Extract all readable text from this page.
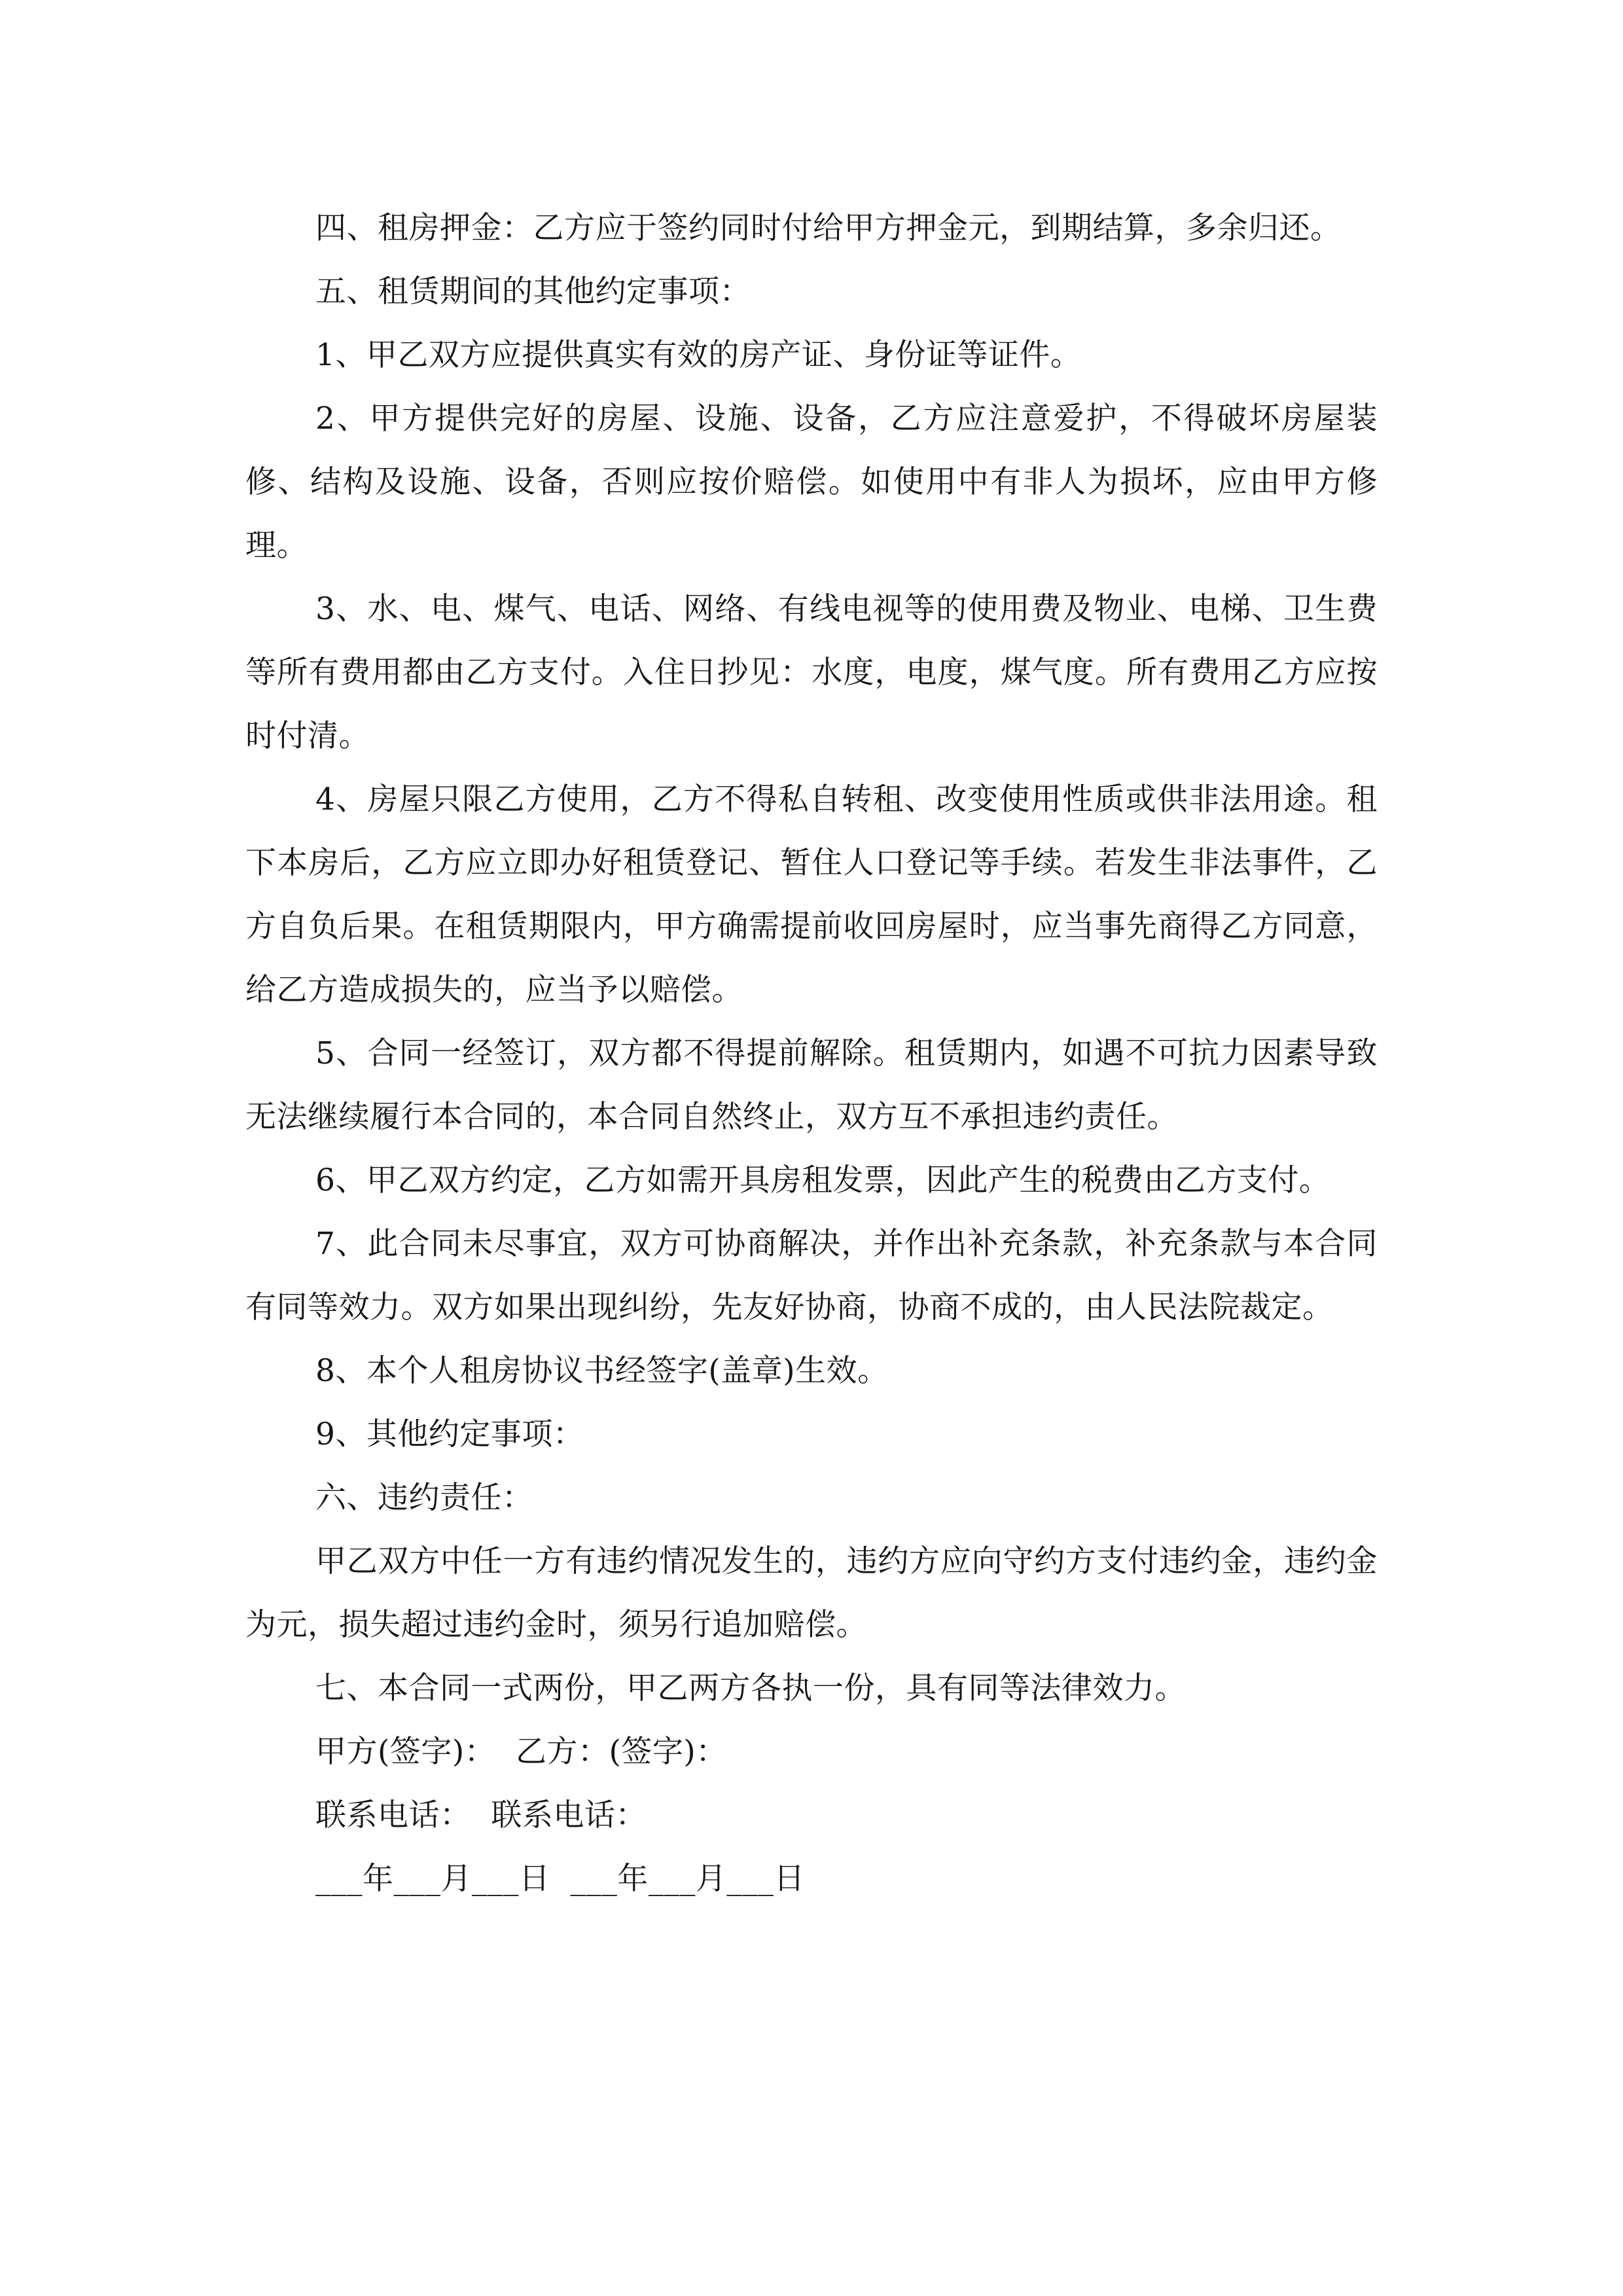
四、租房押金：乙方应于签约同时付给甲方押金元，到期结算，多余归还。

五、租赁期间的其他约定事项：

1、甲乙双方应提供真实有效的房产证、身份证等证件。

2、甲方提供完好的房屋、设施、设备，乙方应注意爱护，不得破坏房屋装修、结构及设施、设备，否则应按价赔偿。如使用中有非人为损坏，应由甲方修理。

3、水、电、煤气、电话、网络、有线电视等的使用费及物业、电梯、卫生费等所有费用都由乙方支付。入住日抄见：水度，电度，煤气度。所有费用乙方应按时付清。

4、房屋只限乙方使用，乙方不得私自转租、改变使用性质或供非法用途。租下本房后，乙方应立即办好租赁登记、暂住人口登记等手续。若发生非法事件，乙方自负后果。在租赁期限内，甲方确需提前收回房屋时，应当事先商得乙方同意，给乙方造成损失的，应当予以赔偿。

5、合同一经签订，双方都不得提前解除。租赁期内，如遇不可抗力因素导致无法继续履行本合同的，本合同自然终止，双方互不承担违约责任。

6、甲乙双方约定，乙方如需开具房租发票，因此产生的税费由乙方支付。

7、此合同未尽事宜，双方可协商解决，并作出补充条款，补充条款与本合同有同等效力。双方如果出现纠纷，先友好协商，协商不成的，由人民法院裁定。

8、本个人租房协议书经签字(盖章)生效。

9、其他约定事项：

六、违约责任：

甲乙双方中任一方有违约情况发生的，违约方应向守约方支付违约金，违约金为元，损失超过违约金时，须另行追加赔偿。

七、本合同一式两份，甲乙两方各执一份，具有同等法律效力。

甲方(签字)：  乙方：(签字)：

联系电话：  联系电话：

___年___月___日  ___年___月___日
